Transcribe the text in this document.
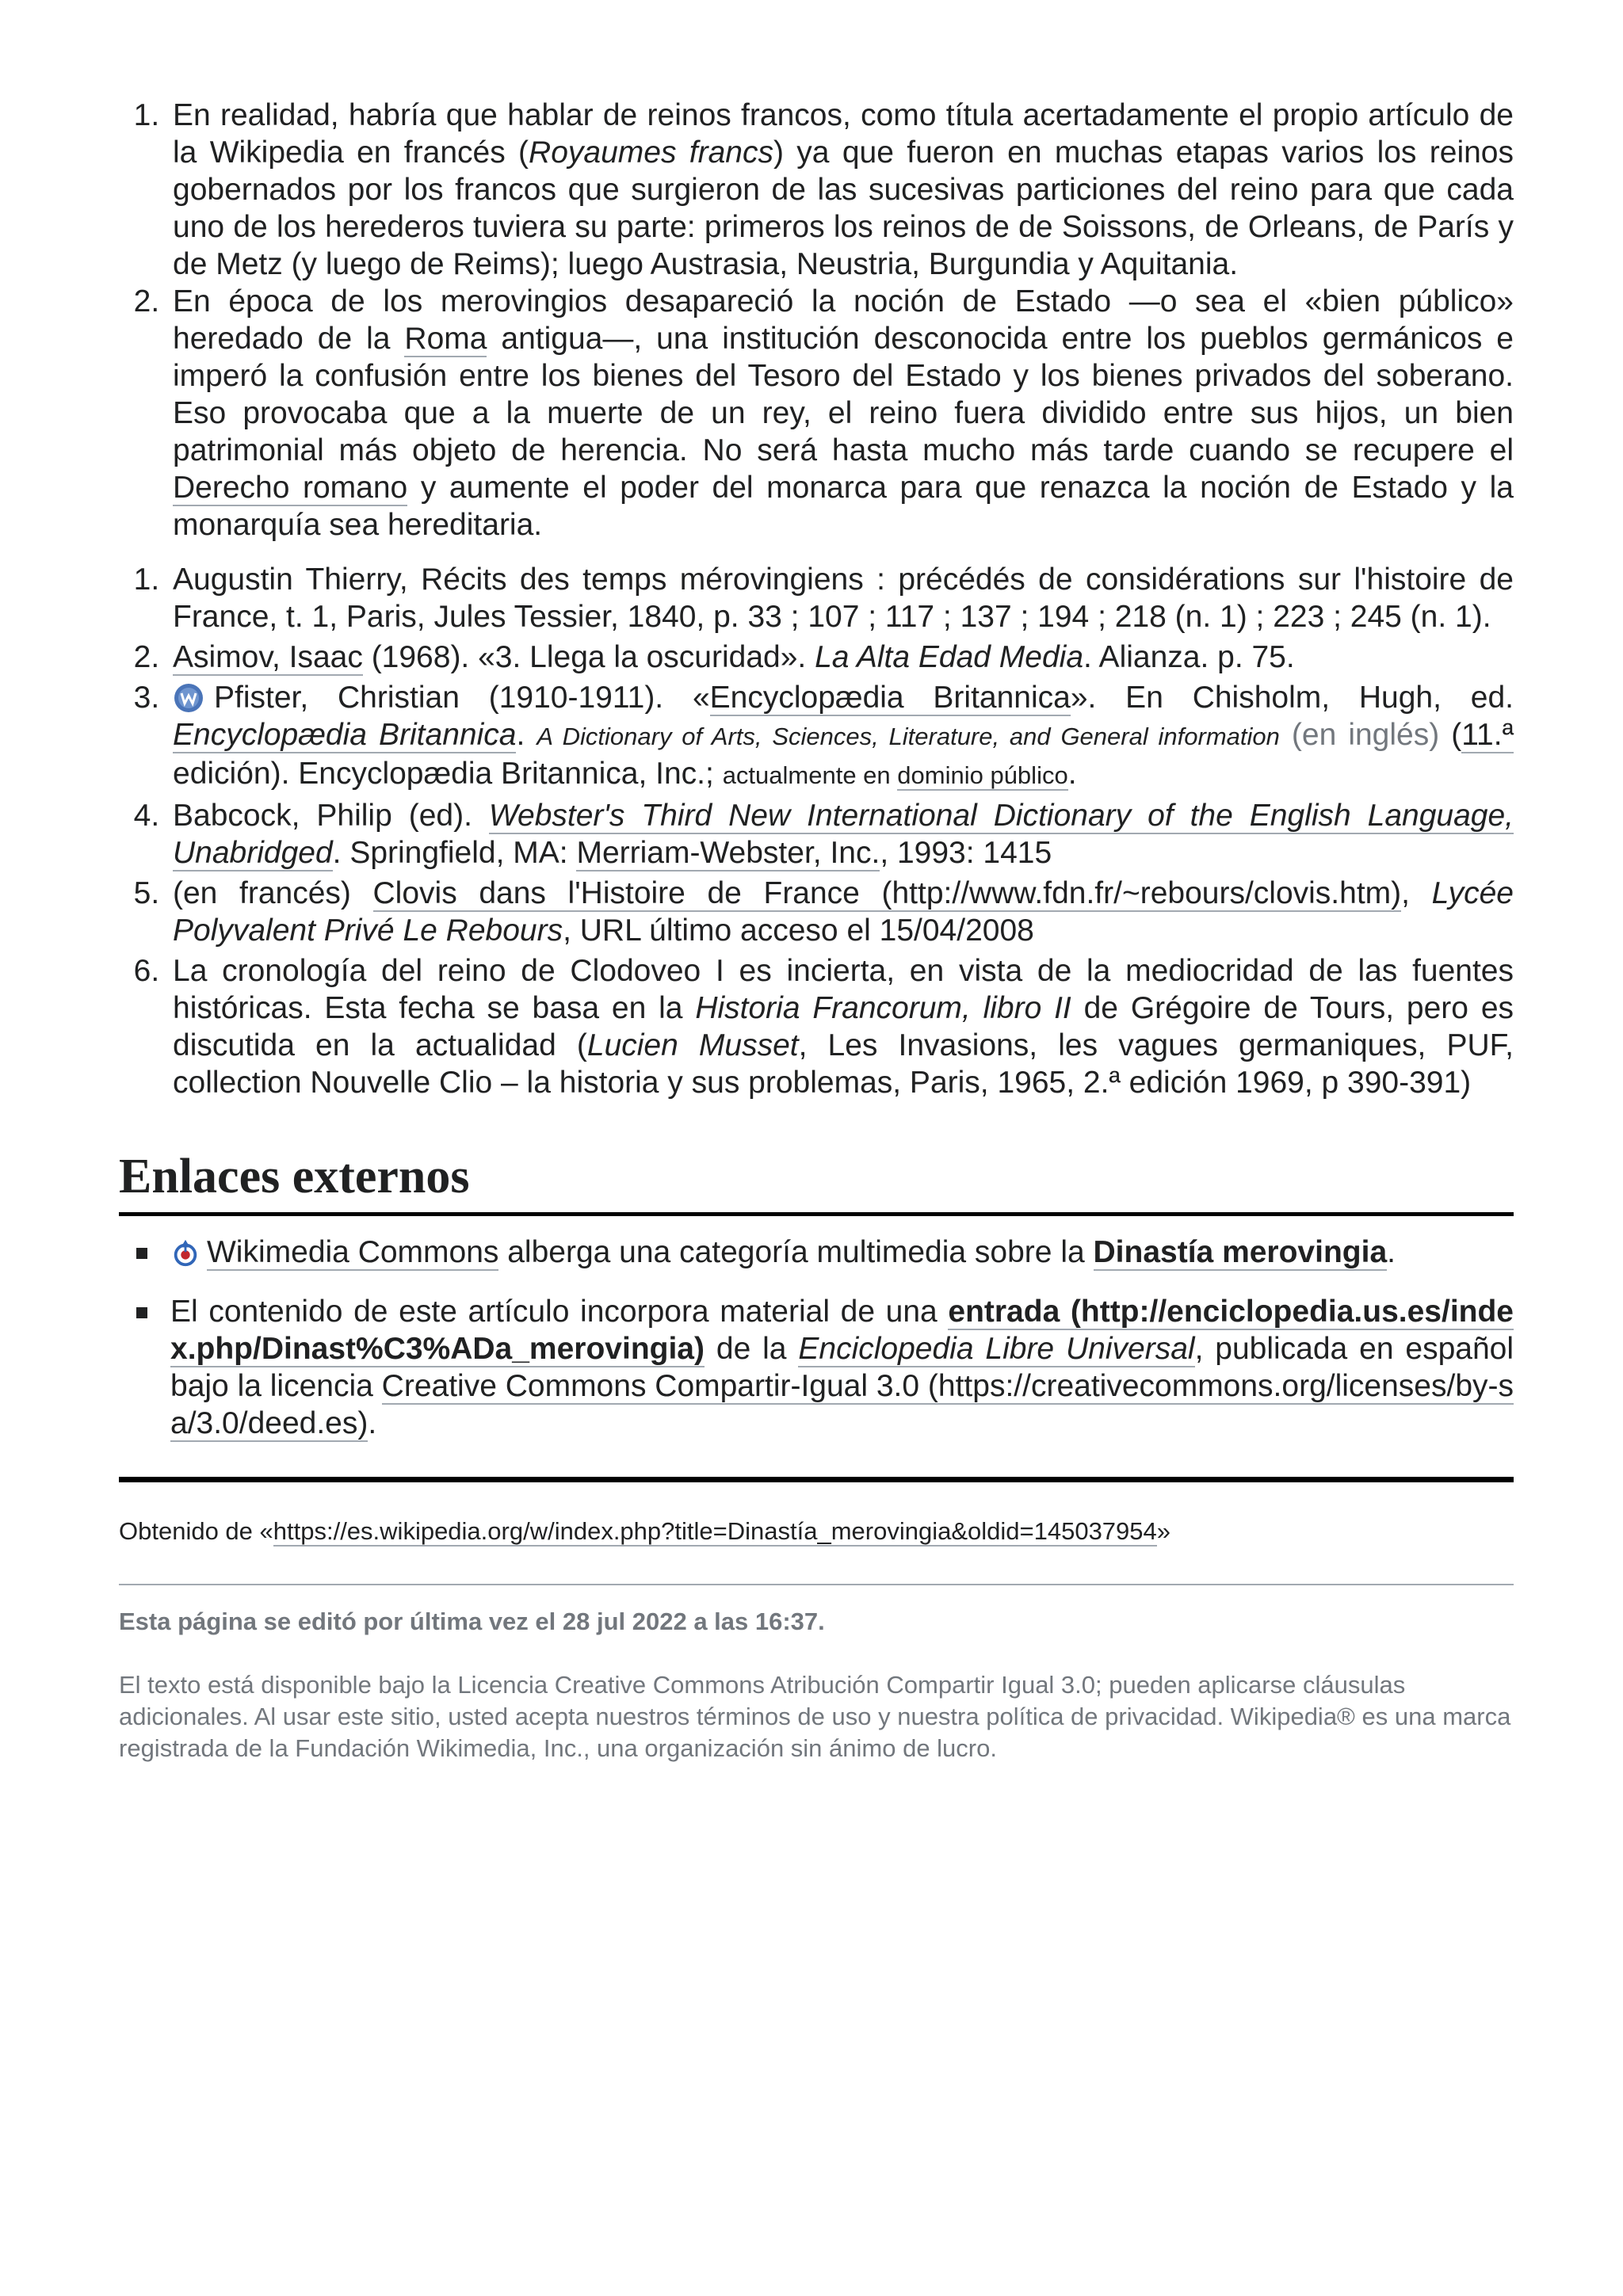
1. En realidad, habría que hablar de reinos francos, como títula acertadamente el propio artículo de la Wikipedia en francés (Royaumes francs) ya que fueron en muchas etapas varios los reinos gobernados por los francos que surgieron de las sucesivas particiones del reino para que cada uno de los herederos tuviera su parte: primeros los reinos de de Soissons, de Orleans, de París y de Metz (y luego de Reims); luego Austrasia, Neustria, Burgundia y Aquitania.
2. En época de los merovingios desapareció la noción de Estado —o sea el «bien público» heredado de la Roma antigua—, una institución desconocida entre los pueblos germánicos e imperó la confusión entre los bienes del Tesoro del Estado y los bienes privados del soberano. Eso provocaba que a la muerte de un rey, el reino fuera dividido entre sus hijos, un bien patrimonial más objeto de herencia. No será hasta mucho más tarde cuando se recupere el Derecho romano y aumente el poder del monarca para que renazca la noción de Estado y la monarquía sea hereditaria.
1. Augustin Thierry, Récits des temps mérovingiens : précédés de considérations sur l'histoire de France, t. 1, Paris, Jules Tessier, 1840, p. 33 ; 107 ; 117 ; 137 ; 194 ; 218 (n. 1) ; 223 ; 245 (n. 1).
2. Asimov, Isaac (1968). «3. Llega la oscuridad». La Alta Edad Media. Alianza. p. 75.
3. Pfister, Christian (1910-1911). «Encyclopædia Britannica». En Chisholm, Hugh, ed. Encyclopædia Britannica. A Dictionary of Arts, Sciences, Literature, and General information (en inglés) (11.ª edición). Encyclopædia Britannica, Inc.; actualmente en dominio público.
4. Babcock, Philip (ed). Webster's Third New International Dictionary of the English Language, Unabridged. Springfield, MA: Merriam-Webster, Inc., 1993: 1415
5. (en francés) Clovis dans l'Histoire de France (http://www.fdn.fr/~rebours/clovis.htm), Lycée Polyvalent Privé Le Rebours, URL último acceso el 15/04/2008
6. La cronología del reino de Clodoveo I es incierta, en vista de la mediocridad de las fuentes históricas. Esta fecha se basa en la Historia Francorum, libro II de Grégoire de Tours, pero es discutida en la actualidad (Lucien Musset, Les Invasions, les vagues germaniques, PUF, collection Nouvelle Clio – la historia y sus problemas, Paris, 1965, 2.ª edición 1969, p 390-391)
Enlaces externos
Wikimedia Commons alberga una categoría multimedia sobre la Dinastía merovingia.
El contenido de este artículo incorpora material de una entrada (http://enciclopedia.us.es/index.php/Dinast%C3%ADa_merovingia) de la Enciclopedia Libre Universal, publicada en español bajo la licencia Creative Commons Compartir-Igual 3.0 (https://creativecommons.org/licenses/by-sa/3.0/deed.es).
Obtenido de «https://es.wikipedia.org/w/index.php?title=Dinastía_merovingia&oldid=145037954»
Esta página se editó por última vez el 28 jul 2022 a las 16:37.
El texto está disponible bajo la Licencia Creative Commons Atribución Compartir Igual 3.0; pueden aplicarse cláusulas adicionales. Al usar este sitio, usted acepta nuestros términos de uso y nuestra política de privacidad. Wikipedia® es una marca registrada de la Fundación Wikimedia, Inc., una organización sin ánimo de lucro.
